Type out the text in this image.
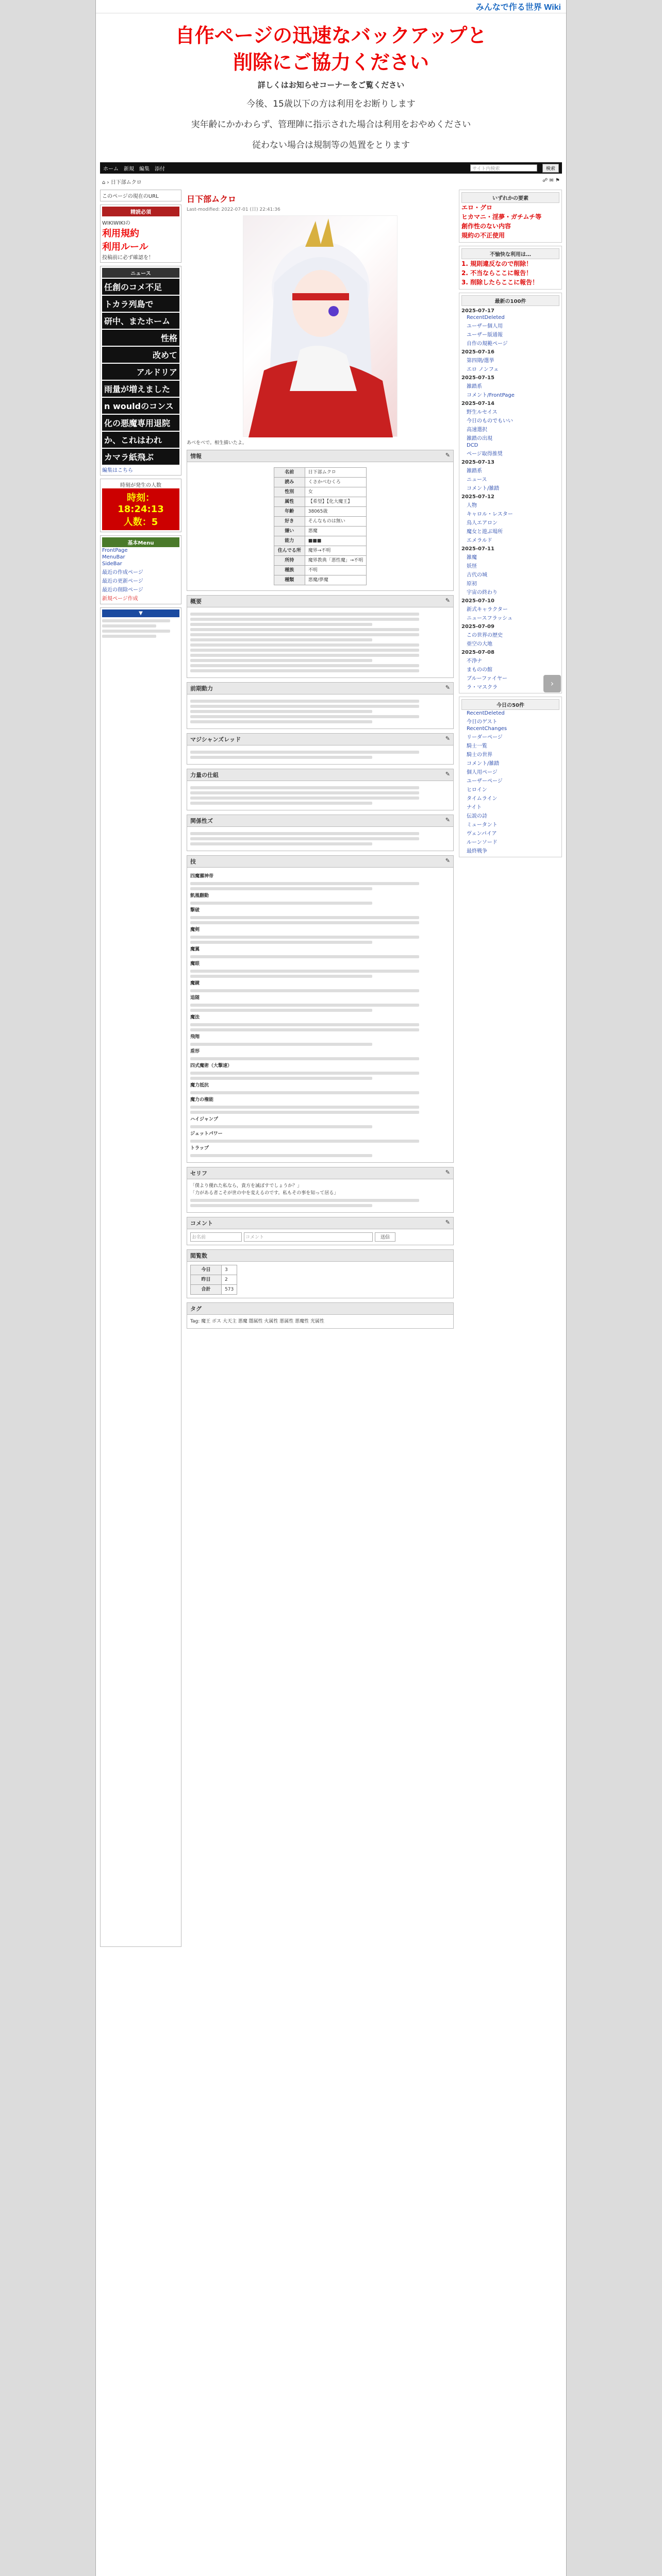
みんなで作る世界 Wiki
自作ページの迅速なバックアップと
削除にご協力ください
詳しくはお知らせコーナーをご覧ください
今後、15歳以下の方は利用をお断りします
実年齢にかかわらず、管理陣に指示された場合は利用をおやめください
従わない場合は規制等の処置をとります
ホーム 新規 編集 添付	サイト内検索	検索
⌂ › 日下部ムクロ	☍ ✉ ⚑
このページの現在のURL
精読必須
WIKIWIKIの
利用規約
利用ルール
投稿前に必ず確認を！
ニュース
任創のコメ不足
トカラ列島で
研中、またホーム
性格
改めて
アルドリア
雨量が増えました
n wouldのコンス
化の悪魔専用退院
か、これはわれ
カマラ紙飛ぶ
編集はこちら
時刻が発生の人数
時刻：18:24:13
人数：5
基本Menu
FrontPage
MenuBar
SideBar
最近の作成ページ
最近の更新ページ
最近の削除ページ
新規ページ作成
▼
日下部ムクロ
Last-modified: 2022-07-01 (日) 22:41:36
あべをべで。相生描いたよ。
情報	✎
名前	日下部ムクロ
読み	くさかべむくろ
性別	女
属性	【希望】【化大魔王】
年齢	38065歳
好き	そんなものは無い
嫌い	悪魔
能力	■■■
住んでる所	魔界→不明
所持	魔界教典「悪性魔」→不明
種族	不明
種類	悪魔/夢魔
概要	✎
前期動力	✎
マジシャンズレッド	✎
力量の仕組	✎
関係性ズ	✎
技	✎
四魔瀬神帝
凱凰翻動
撃破
魔剣
魔翼
魔眼
魔鏡
追随
魔法
飛翔
盾形
四式魔術（大撃速）
魔力抵抗
魔力の権能
ハイジャンプ
ジェットパワー
トラップ
セリフ	✎
「僕より優れた私なら，貴方を滅ぼすでしょうか？」
「力がある者こそが世の中を変えるのです。私もその事を知って居る」
コメント	✎
お名前	コメント	送信
閲覧数
今日	3
昨日	2
合計	573
タグ
Tag: 魔王 ボス 大天主 悪魔 闇属性 火属性 悪属性 悪魔性 光属性
いずれかの要素
エロ・グロ
ヒカマニ・淫夢・ガチムチ等
創作性のない内容
規約の不正使用
不愉快な利用は…
1. 規則違反なので削除！
2. 不当ならここに報告！
3. 削除したらここに報告！
最新の100件
2025-07-17
RecentDeleted
ユーザー個人用
ユーザー版通報
自作の規範ページ
2025-07-16
第四期/選挙
エロ ノンフェ
2025-07-15
雑踏系
コメント/FrontPage
2025-07-14
野生ルセイス
今日のものでもいい
高速選択
雑踏の出現
DCD
ページ取得推奨
2025-07-13
雑踏系
ニュース
コメント/雑踏
2025-07-12
人物
キャロル・レスター
鳥人エアロン
魔女と遊ぶ場所
エメラルド
2025-07-11
雑魔
妖怪
古代の城
原初
宇宙の終わり
2025-07-10
新式キャラクター
ニュースフラッシュ
2025-07-09
この世界の歴史
亜空の大地
2025-07-08
不浄ナ
まものの館
ブルーファイヤー
ラ・マスクラ
今日の50件
RecentDeleted
今日のゲスト
RecentChanges
リーダーページ
騎士一覧
騎士の世界
コメント/雑踏
個人用ページ
ユーザーページ
ヒロイン
タイムライン
ナイト
伝説の詩
ミュータント
ヴェンパイア
ルーンソード
最終戦争
›
